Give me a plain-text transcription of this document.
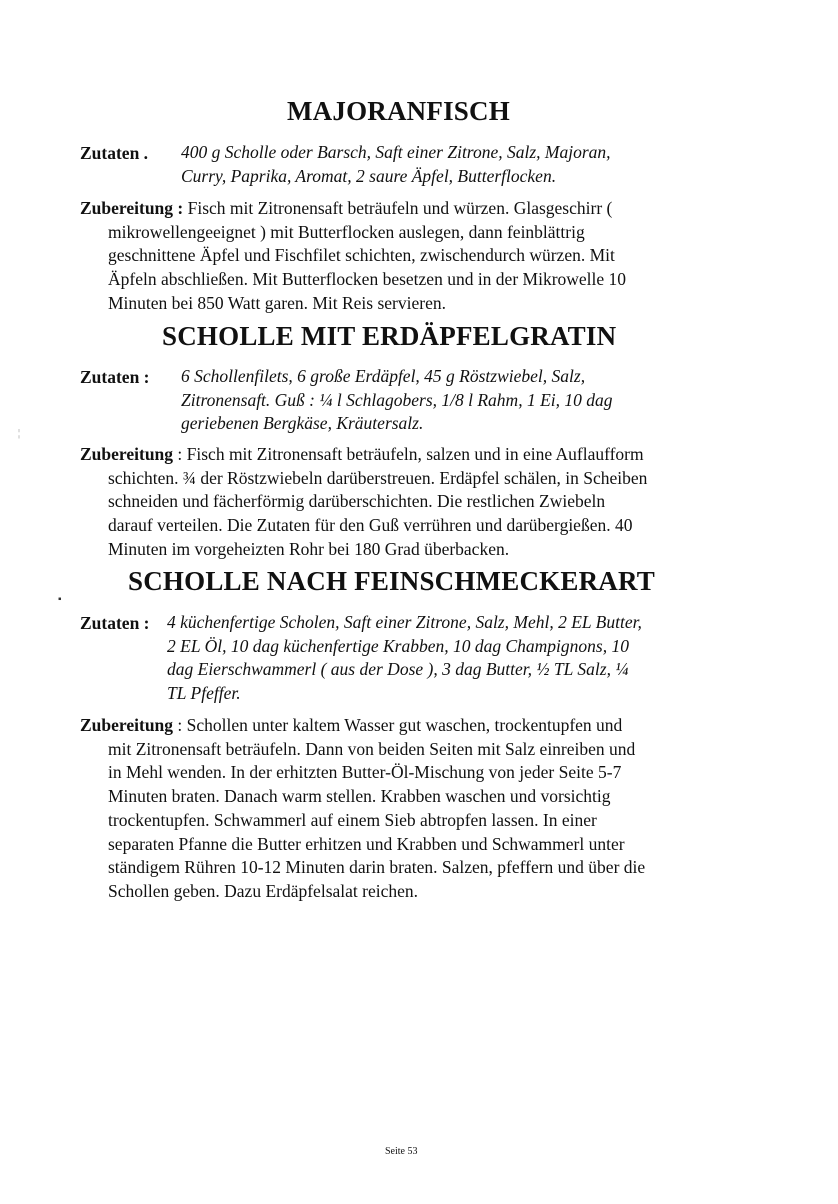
MAJORANFISCH
Zutaten . 400 g Scholle oder Barsch, Saft einer Zitrone, Salz, Majoran,
Curry, Paprika, Aromat, 2 saure Äpfel, Butterflocken.
Zubereitung : Fisch mit Zitronensaft beträufeln und würzen. Glasgeschirr (
mikrowellengeeignet ) mit Butterflocken auslegen, dann feinblättrig
geschnittene Äpfel und Fischfilet schichten, zwischendurch würzen. Mit
Äpfeln abschließen. Mit Butterflocken besetzen und in der Mikrowelle 10
Minuten bei 850 Watt garen. Mit Reis servieren.
SCHOLLE MIT ERDÄPFELGRATIN
Zutaten : 6 Schollenfilets, 6 große Erdäpfel, 45 g Röstzwiebel, Salz,
Zitronensaft. Guß : ¼ l Schlagobers, 1/8 l Rahm, 1 Ei, 10 dag
geriebenen Bergkäse, Kräutersalz.
Zubereitung : Fisch mit Zitronensaft beträufeln, salzen und in eine Auflaufform
schichten. ¾ der Röstzwiebeln darüberstreuen. Erdäpfel schälen, in Scheiben
schneiden und fächerförmig darüberschichten. Die restlichen Zwiebeln
darauf verteilen. Die Zutaten für den Guß verrühren und darübergießen. 40
Minuten im vorgeheizten Rohr bei 180 Grad überbacken.
SCHOLLE NACH FEINSCHMECKERART
Zutaten : 4 küchenfertige Scholen, Saft einer Zitrone, Salz, Mehl, 2 EL Butter,
2 EL Öl, 10 dag küchenfertige Krabben, 10 dag Champignons, 10
dag Eierschwammerl ( aus der Dose ), 3 dag Butter, ½ TL Salz, ¼
TL Pfeffer.
Zubereitung : Schollen unter kaltem Wasser gut waschen, trockentupfen und
mit Zitronensaft beträufeln. Dann von beiden Seiten mit Salz einreiben und
in Mehl wenden. In der erhitzten Butter-Öl-Mischung von jeder Seite 5-7
Minuten braten. Danach warm stellen. Krabben waschen und vorsichtig
trockentupfen. Schwammerl auf einem Sieb abtropfen lassen. In einer
separaten Pfanne die Butter erhitzen und Krabben und Schwammerl unter
ständigem Rühren 10-12 Minuten darin braten. Salzen, pfeffern und über die
Schollen geben. Dazu Erdäpfelsalat reichen.
¦
▪
Seite 53
